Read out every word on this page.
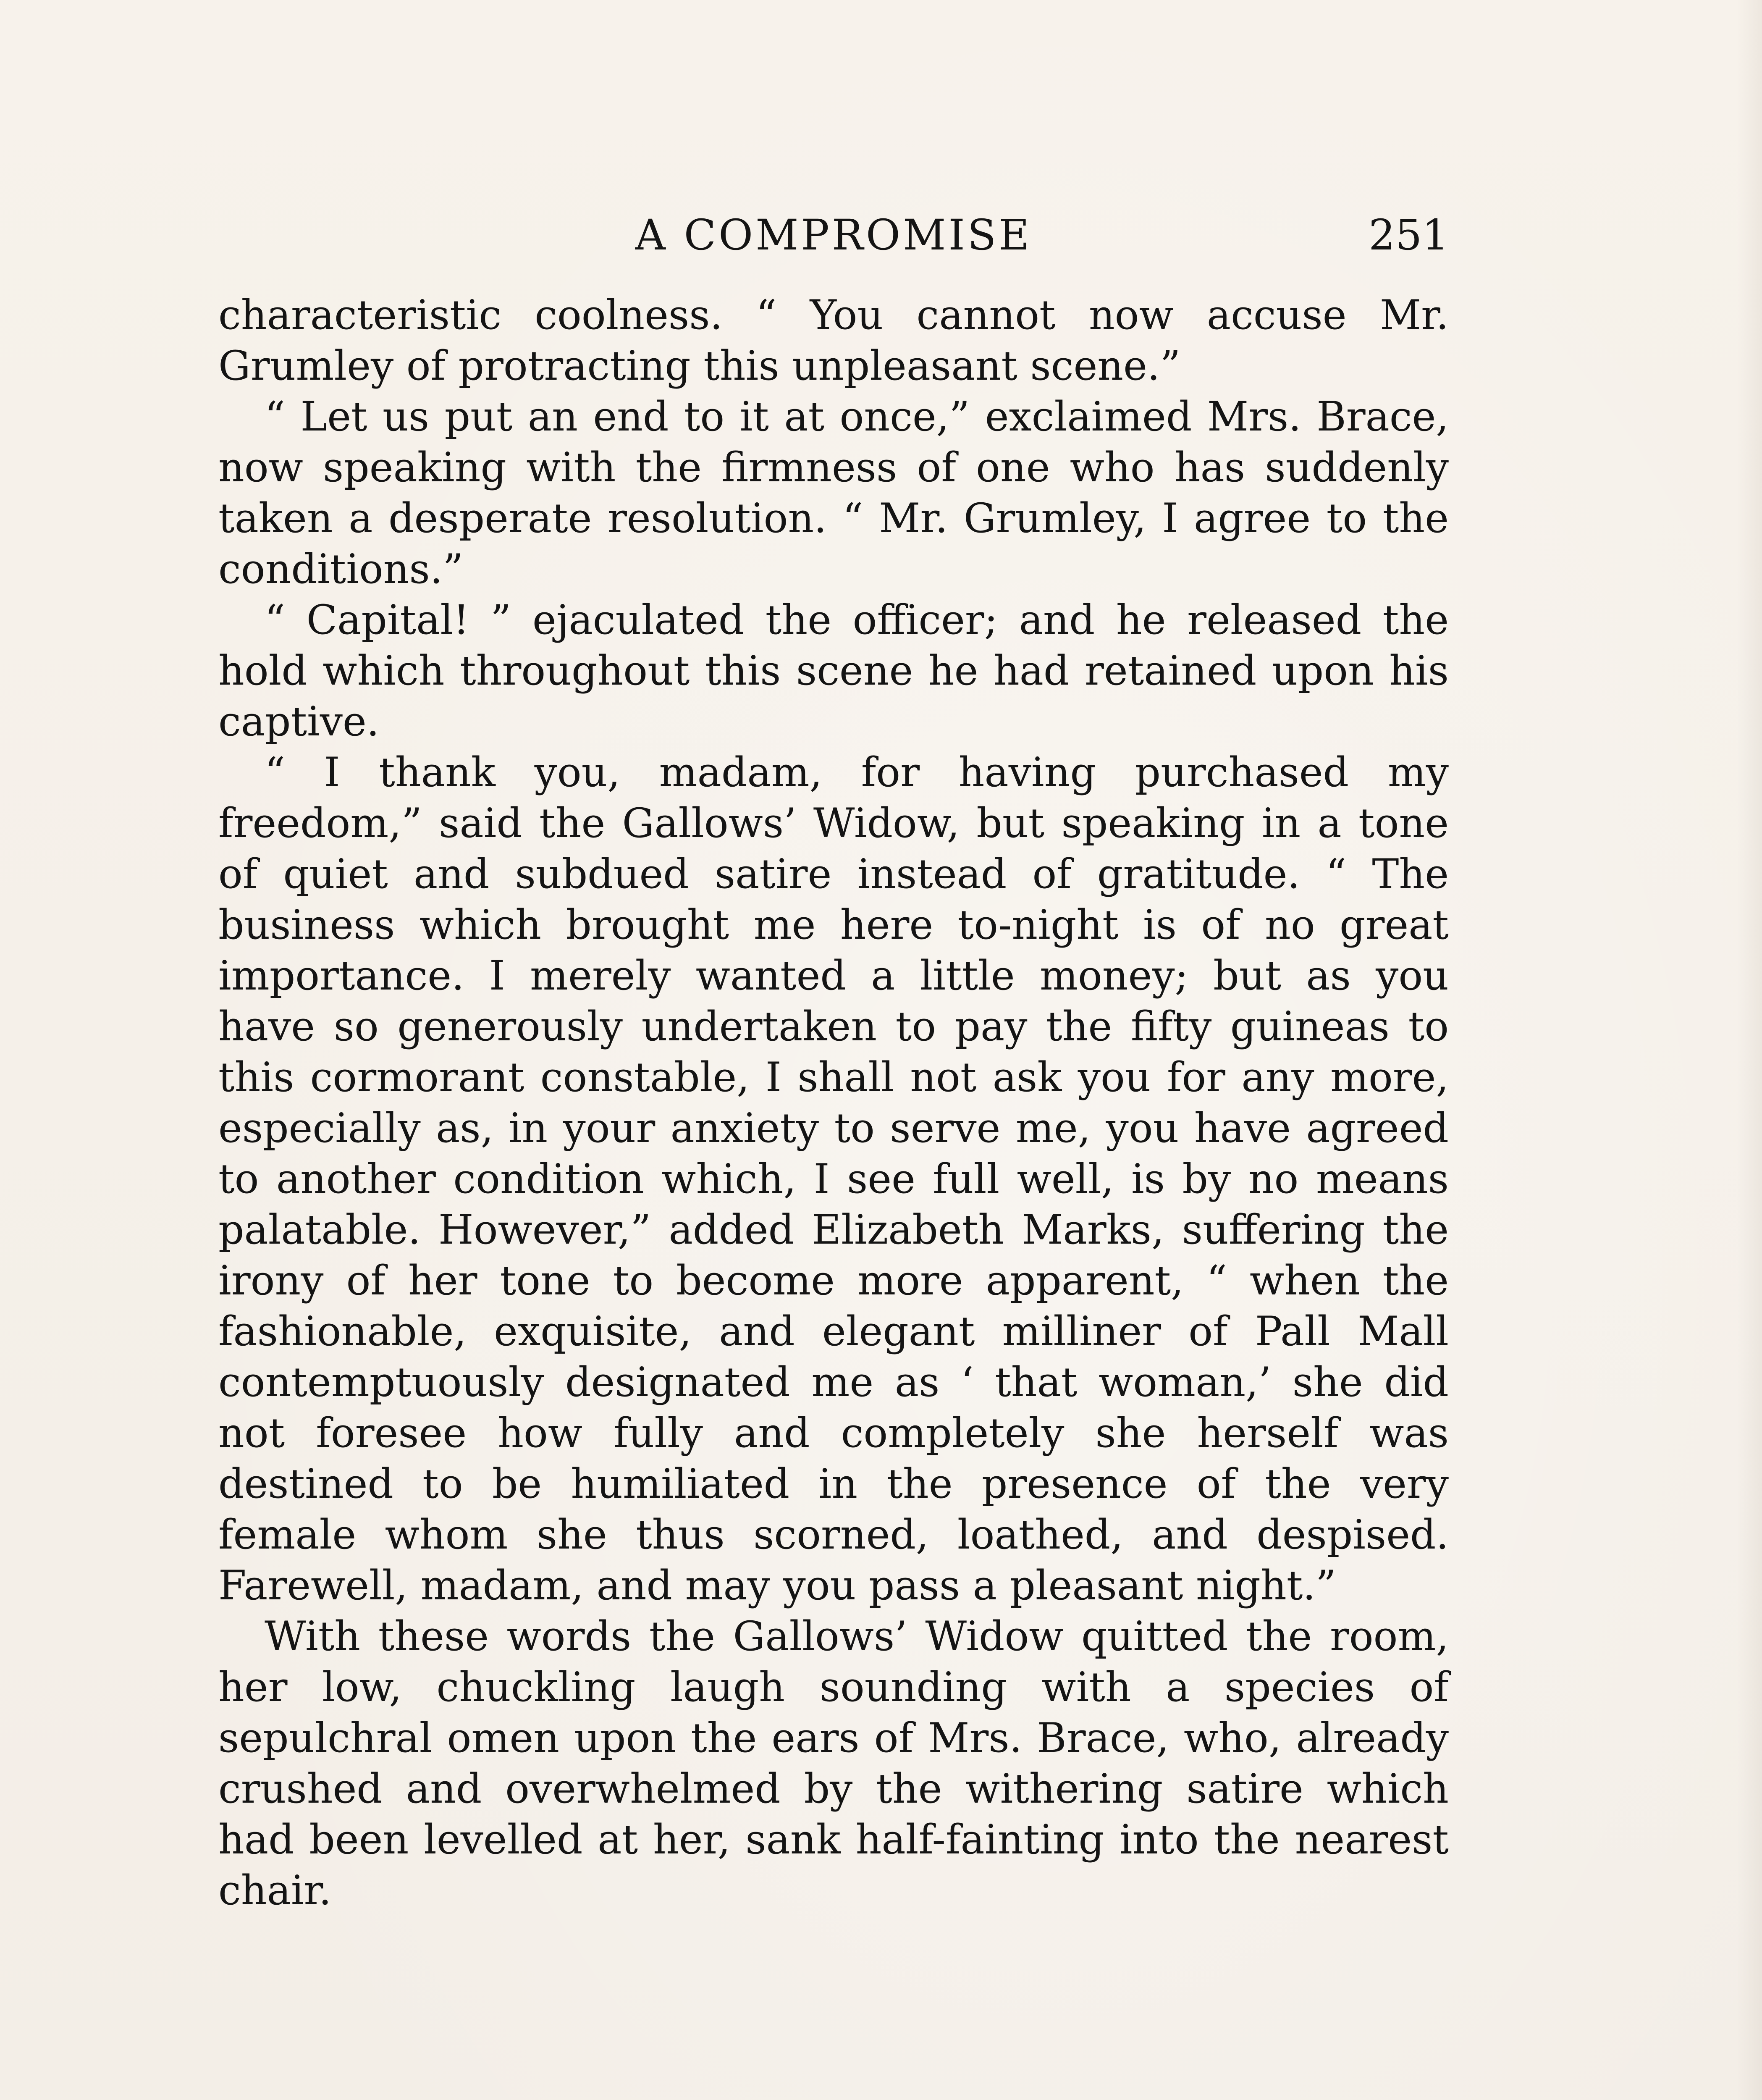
A COMPROMISE	251

characteristic coolness. “ You cannot now accuse Mr. Grumley of protracting this unpleasant scene.”

“ Let us put an end to it at once,” exclaimed Mrs. Brace, now speaking with the firmness of one who has suddenly taken a desperate resolution. “ Mr. Grumley, I agree to the conditions.”

“ Capital! ” ejaculated the officer; and he released the hold which throughout this scene he had retained upon his captive.

“ I thank you, madam, for having purchased my freedom,” said the Gallows’ Widow, but speaking in a tone of quiet and subdued satire instead of gratitude. “ The business which brought me here to-night is of no great importance. I merely wanted a little money; but as you have so generously undertaken to pay the fifty guineas to this cormorant constable, I shall not ask you for any more, especially as, in your anxiety to serve me, you have agreed to another condition which, I see full well, is by no means palatable. However,” added Elizabeth Marks, suffering the irony of her tone to become more apparent, “ when the fashionable, exquisite, and elegant milliner of Pall Mall contemptuously designated me as ‘ that woman,’ she did not foresee how fully and completely she herself was destined to be humiliated in the presence of the very female whom she thus scorned, loathed, and despised. Farewell, madam, and may you pass a pleasant night.”

With these words the Gallows’ Widow quitted the room, her low, chuckling laugh sounding with a species of sepulchral omen upon the ears of Mrs. Brace, who, already crushed and overwhelmed by the withering satire which had been levelled at her, sank half-fainting into the nearest chair.
